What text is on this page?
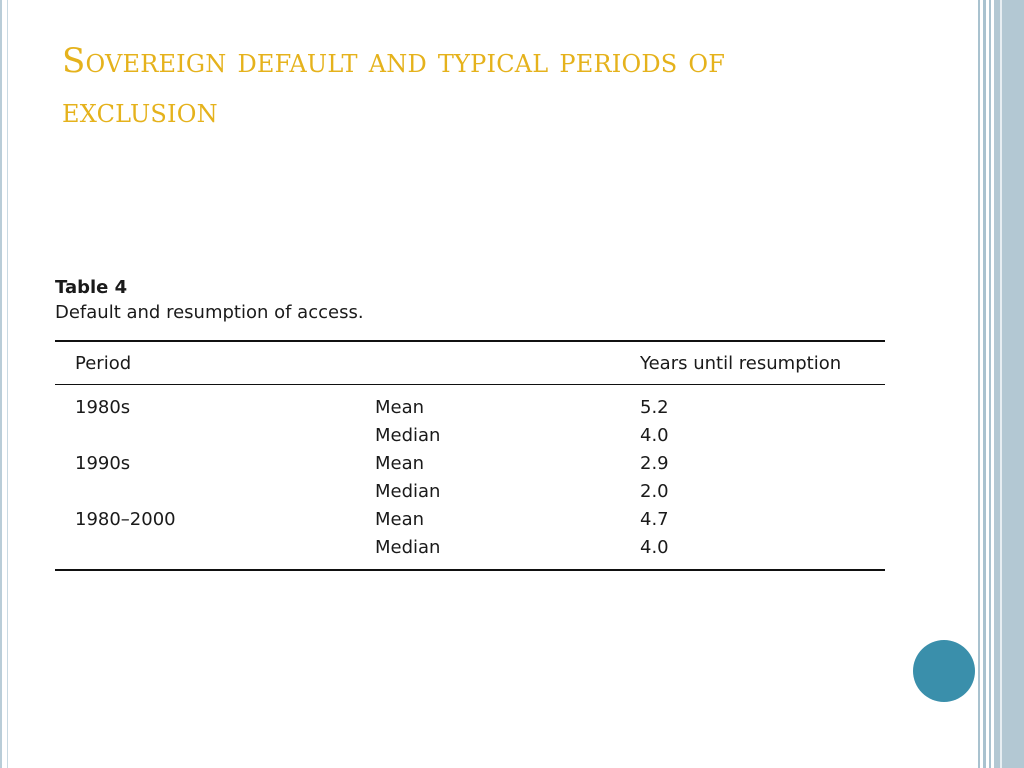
Sovereign default and typical periods of exclusion
Table 4
Default and resumption of access.
Period		Years until resumption
1980s	Mean	5.2
	Median	4.0
1990s	Mean	2.9
	Median	2.0
1980–2000	Mean	4.7
	Median	4.0
